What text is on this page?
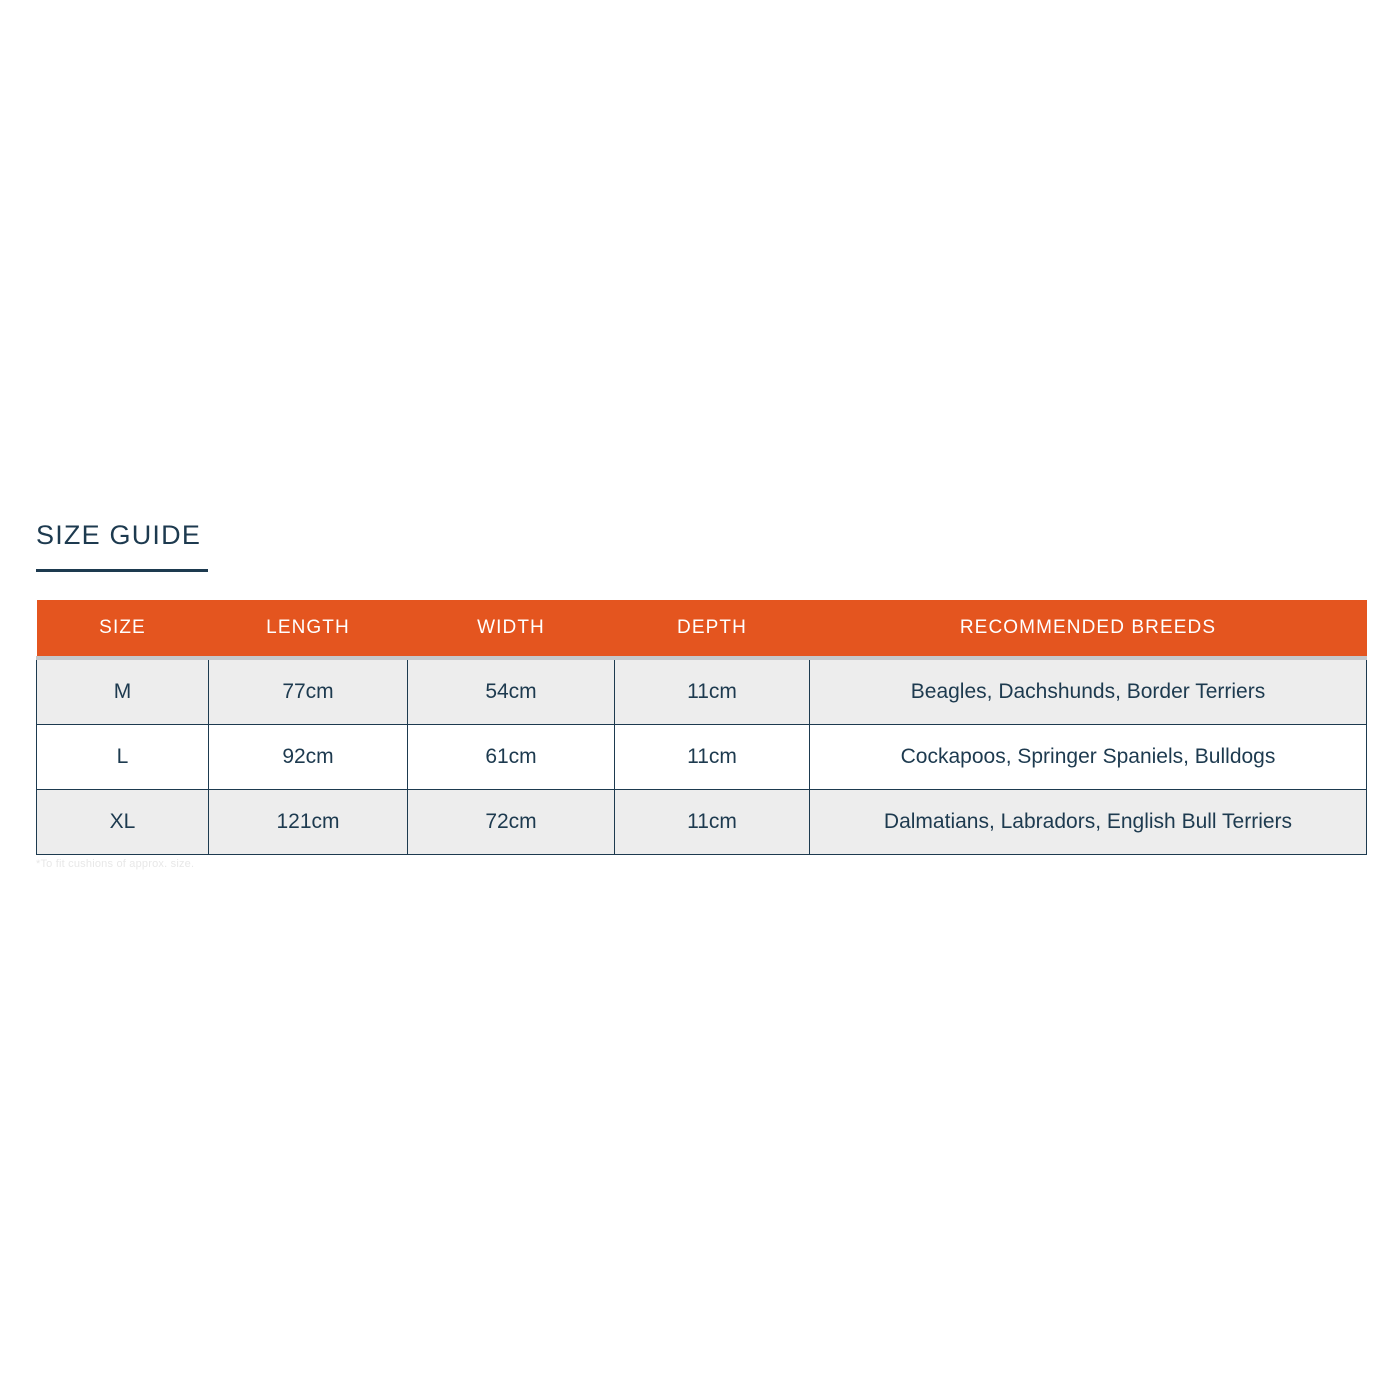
SIZE GUIDE
SIZE	LENGTH	WIDTH	DEPTH	RECOMMENDED BREEDS
M	77cm	54cm	11cm	Beagles, Dachshunds, Border Terriers
L	92cm	61cm	11cm	Cockapoos, Springer Spaniels, Bulldogs
XL	121cm	72cm	11cm	Dalmatians, Labradors, English Bull Terriers
*To fit cushions of approx. size.
